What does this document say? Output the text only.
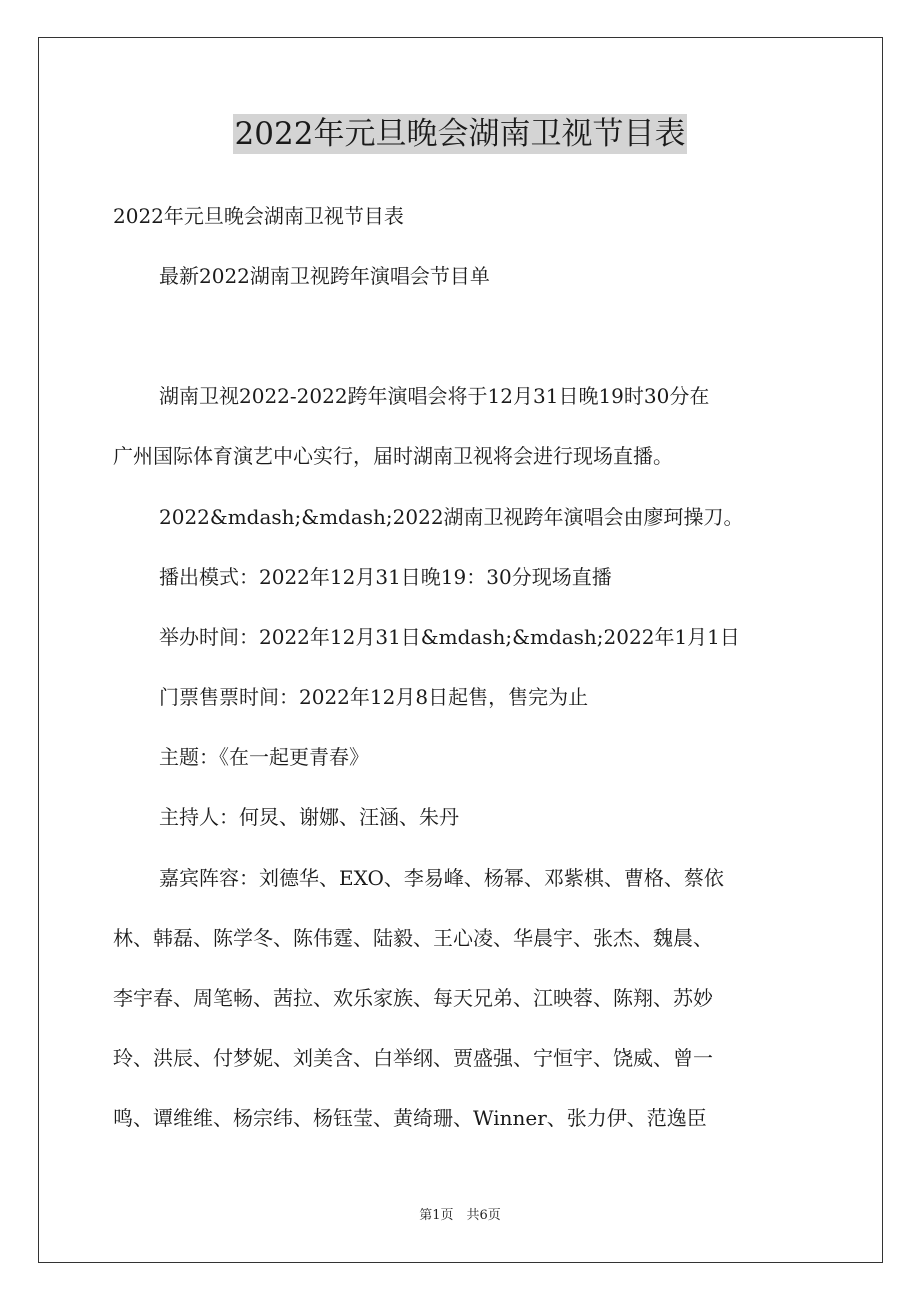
2022年元旦晚会湖南卫视节目表
2022年元旦晚会湖南卫视节目表
最新2022湖南卫视跨年演唱会节目单
湖南卫视2022-2022跨年演唱会将于12月31日晚19时30分在
广州国际体育演艺中心实行，届时湖南卫视将会进行现场直播。
2022&mdash;&mdash;2022湖南卫视跨年演唱会由廖珂操刀。
播出模式：2022年12月31日晚19：30分现场直播
举办时间：2022年12月31日&mdash;&mdash;2022年1月1日
门票售票时间：2022年12月8日起售，售完为止
主题：《在一起更青春》
主持人：何炅、谢娜、汪涵、朱丹
嘉宾阵容：刘德华、EXO、李易峰、杨幂、邓紫棋、曹格、蔡依
林、韩磊、陈学冬、陈伟霆、陆毅、王心凌、华晨宇、张杰、魏晨、
李宇春、周笔畅、茜拉、欢乐家族、每天兄弟、江映蓉、陈翔、苏妙
玲、洪辰、付梦妮、刘美含、白举纲、贾盛强、宁恒宇、饶威、曾一
鸣、谭维维、杨宗纬、杨钰莹、黄绮珊、Winner、张力伊、范逸臣
第1页　共6页
